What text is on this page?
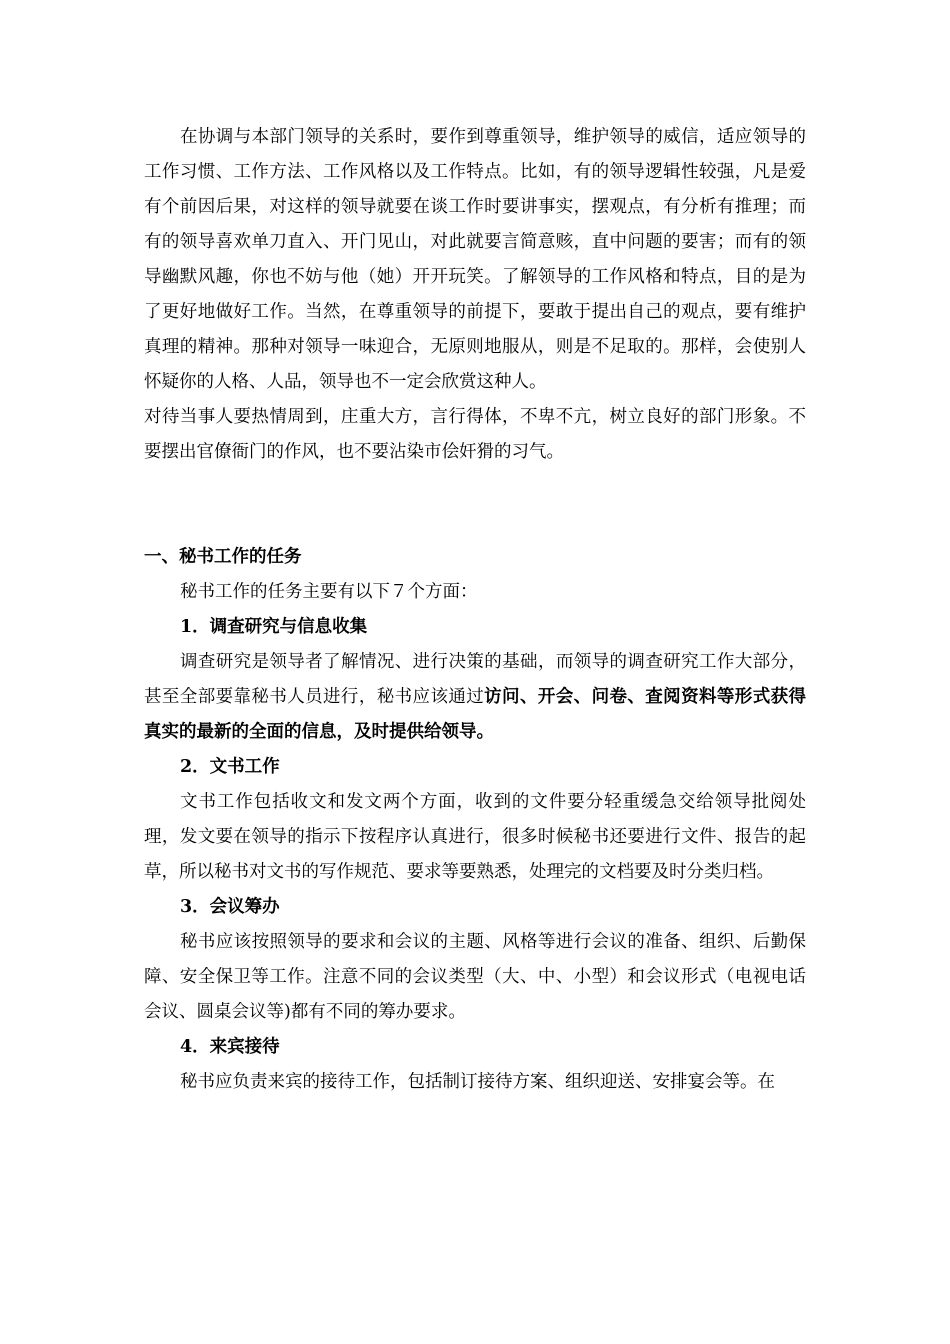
在协调与本部门领导的关系时，要作到尊重领导，维护领导的威信，适应领导的工作习惯、工作方法、工作风格以及工作特点。比如，有的领导逻辑性较强，凡是爱有个前因后果，对这样的领导就要在谈工作时要讲事实，摆观点，有分析有推理；而有的领导喜欢单刀直入、开门见山，对此就要言简意赅，直中问题的要害；而有的领导幽默风趣，你也不妨与他（她）开开玩笑。了解领导的工作风格和特点，目的是为了更好地做好工作。当然，在尊重领导的前提下，要敢于提出自己的观点，要有维护真理的精神。那种对领导一味迎合，无原则地服从，则是不足取的。那样，会使别人怀疑你的人格、人品，领导也不一定会欣赏这种人。

对待当事人要热情周到，庄重大方，言行得体，不卑不亢，树立良好的部门形象。不要摆出官僚衙门的作风，也不要沾染市侩奸猾的习气。

一、秘书工作的任务

秘书工作的任务主要有以下７个方面：

1．调查研究与信息收集

调查研究是领导者了解情况、进行决策的基础，而领导的调查研究工作大部分，甚至全部要靠秘书人员进行，秘书应该通过访问、开会、问卷、查阅资料等形式获得真实的最新的全面的信息，及时提供给领导。

2．文书工作

文书工作包括收文和发文两个方面，收到的文件要分轻重缓急交给领导批阅处理，发文要在领导的指示下按程序认真进行，很多时候秘书还要进行文件、报告的起草，所以秘书对文书的写作规范、要求等要熟悉，处理完的文档要及时分类归档。

3．会议筹办

秘书应该按照领导的要求和会议的主题、风格等进行会议的准备、组织、后勤保障、安全保卫等工作。注意不同的会议类型（大、中、小型）和会议形式（电视电话会议、圆桌会议等)都有不同的筹办要求。

4．来宾接待

秘书应负责来宾的接待工作，包括制订接待方案、组织迎送、安排宴会等。在
